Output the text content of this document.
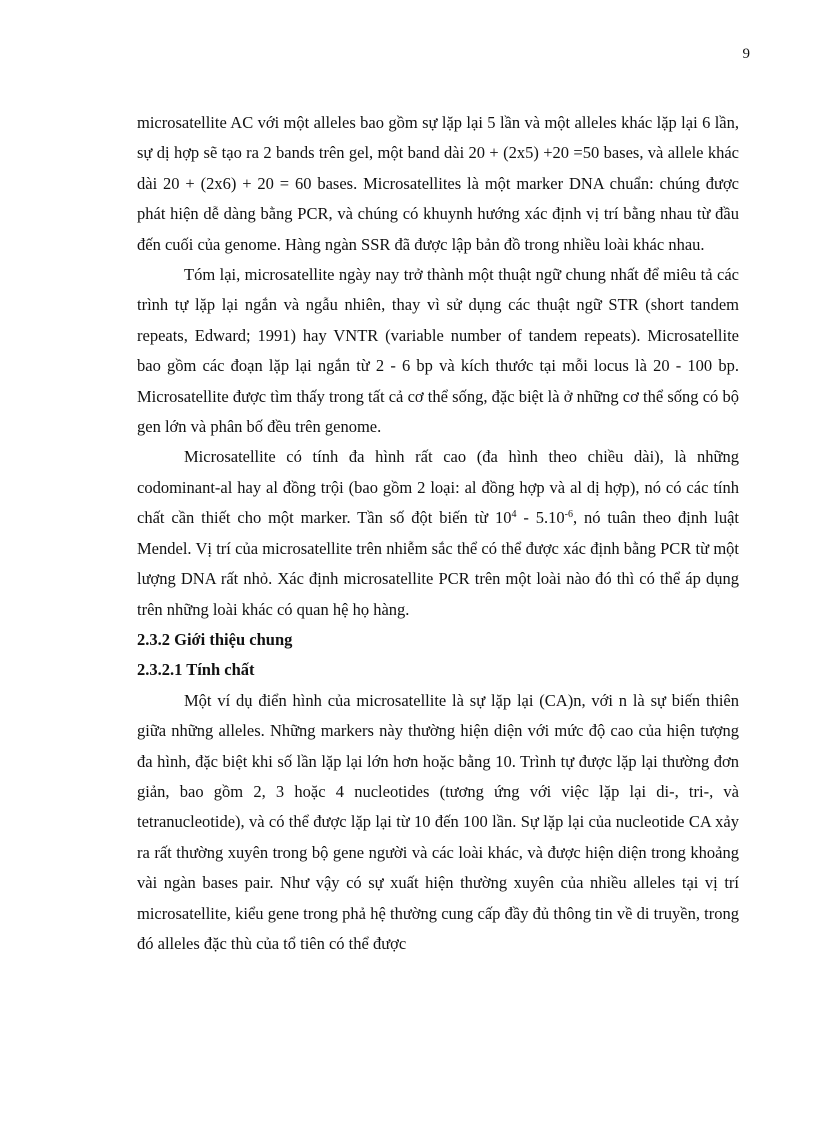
9

microsatellite AC với một alleles bao gồm sự lặp lại 5 lần và một alleles khác lặp lại 6 lần, sự dị hợp sẽ tạo ra 2 bands trên gel, một band dài 20 + (2x5) +20 =50 bases, và allele khác dài 20 + (2x6) + 20 = 60 bases. Microsatellites là một marker DNA chuẩn: chúng được phát hiện dễ dàng bằng PCR, và chúng có khuynh hướng xác định vị trí bằng nhau từ đầu đến cuối của genome. Hàng ngàn SSR đã được lập bản đồ trong nhiều loài khác nhau.

Tóm lại, microsatellite ngày nay trở thành một thuật ngữ chung nhất để miêu tả các trình tự lặp lại ngắn và ngẫu nhiên, thay vì sử dụng các thuật ngữ STR (short tandem repeats, Edward; 1991) hay VNTR (variable number of tandem repeats). Microsatellite bao gồm các đoạn lặp lại ngắn từ 2 - 6 bp và kích thước tại mỗi locus là 20 - 100 bp. Microsatellite được tìm thấy trong tất cả cơ thể sống, đặc biệt là ở những cơ thể sống có bộ gen lớn và phân bố đều trên genome.

Microsatellite có tính đa hình rất cao (đa hình theo chiều dài), là những codominant-al hay al đồng trội (bao gồm 2 loại: al đồng hợp và al dị hợp), nó có các tính chất cần thiết cho một marker. Tần số đột biến từ $10^4 - 5.10^{-6}$, nó tuân theo định luật Mendel. Vị trí của microsatellite trên nhiễm sắc thể có thể được xác định bằng PCR từ một lượng DNA rất nhỏ. Xác định microsatellite PCR trên một loài nào đó thì có thể áp dụng trên những loài khác có quan hệ họ hàng.

2.3.2 Giới thiệu chung
2.3.2.1 Tính chất

Một ví dụ điển hình của microsatellite là sự lặp lại (CA)n, với n là sự biến thiên giữa những alleles. Những markers này thường hiện diện với mức độ cao của hiện tượng đa hình, đặc biệt khi số lần lặp lại lớn hơn hoặc bằng 10. Trình tự được lặp lại thường đơn giản, bao gồm 2, 3 hoặc 4 nucleotides (tương ứng với việc lặp lại di-, tri-, và tetranucleotide), và có thể được lặp lại từ 10 đến 100 lần. Sự lặp lại của nucleotide CA xảy ra rất thường xuyên trong bộ gene người và các loài khác, và được hiện diện trong khoảng vài ngàn bases pair. Như vậy có sự xuất hiện thường xuyên của nhiều alleles tại vị trí microsatellite, kiểu gene trong phả hệ thường cung cấp đầy đủ thông tin về di truyền, trong đó alleles đặc thù của tổ tiên có thể được
